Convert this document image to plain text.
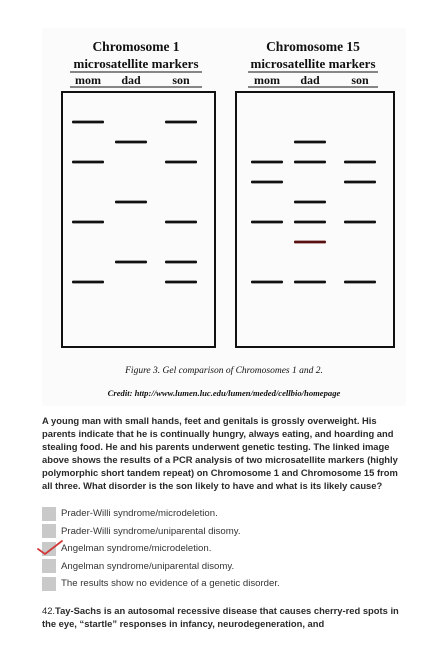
Chromosome 1
microsatellite markers
mom dad	son
Chromosome 15
microsatellite markers
mom dad	son
Figure 3. Gel comparison of Chromosomes 1 and 2.
Credit: http://www.lumen.luc.edu/lumen/meded/cellbio/homepage
A young man with small hands, feet and genitals is grossly overweight. His parents indicate that he is continually hungry, always eating, and hoarding and stealing food. He and his parents underwent genetic testing. The linked image above shows the results of a PCR analysis of two microsatellite markers (highly polymorphic short tandem repeat) on Chromosome 1 and Chromosome 15 from all three. What disorder is the son likely to have and what is its likely cause?
Prader-Willi syndrome/microdeletion.
Prader-Willi syndrome/uniparental disomy.
Angelman syndrome/microdeletion.
Angelman syndrome/uniparental disomy.
The results show no evidence of a genetic disorder.
42.Tay-Sachs is an autosomal recessive disease that causes cherry-red spots in the eye, “startle” responses in infancy, neurodegeneration, and
